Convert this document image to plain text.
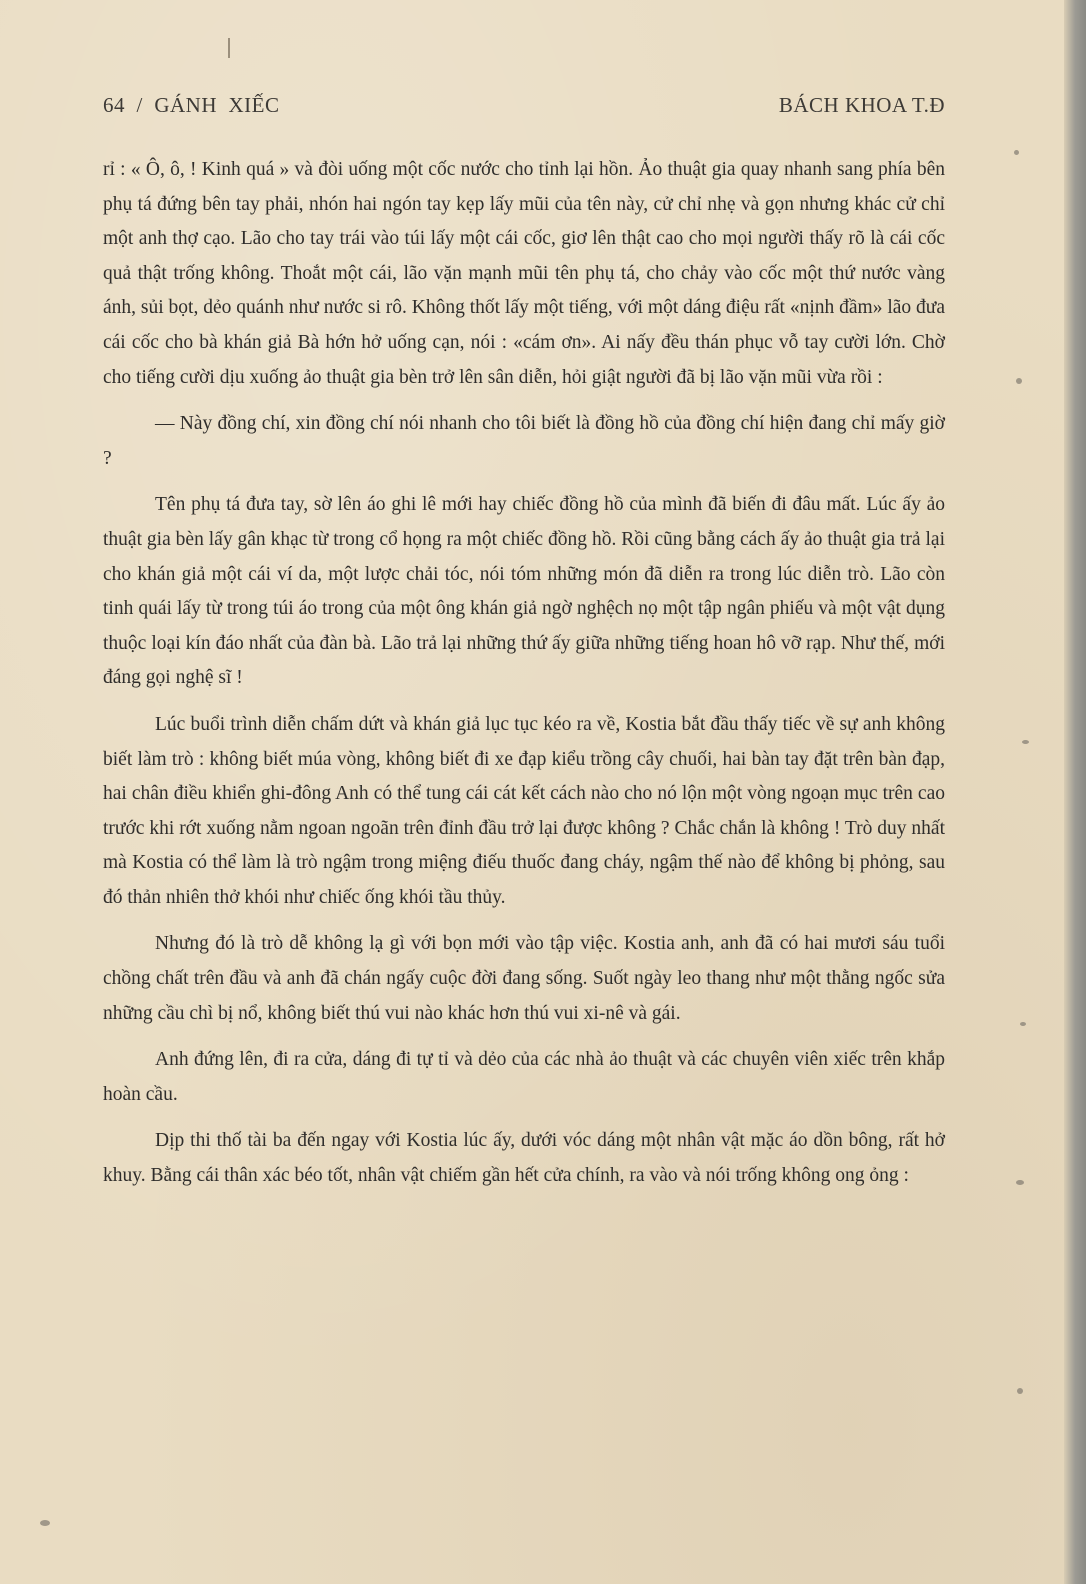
64  /  GÁNH  XIẾC	BÁCH KHOA T.Đ

rỉ : « Ô, ô, ! Kinh quá » và đòi uống một cốc nước cho tỉnh lại hồn. Ảo thuật gia quay nhanh sang phía bên phụ tá đứng bên tay phải, nhón hai ngón tay kẹp lấy mũi của tên này, cử chỉ nhẹ và gọn nhưng khác cử chỉ một anh thợ cạo. Lão cho tay trái vào túi lấy một cái cốc, giơ lên thật cao cho mọi người thấy rõ là cái cốc quả thật trống không. Thoắt một cái, lão vặn mạnh mũi tên phụ tá, cho chảy vào cốc một thứ nước vàng ánh, sủi bọt, dẻo quánh như nước si rô. Không thốt lấy một tiếng, với một dáng điệu rất «nịnh đầm» lão đưa cái cốc cho bà khán giả Bà hớn hở uống cạn, nói : «cám ơn». Ai nấy đều thán phục vỗ tay cười lớn. Chờ cho tiếng cười dịu xuống ảo thuật gia bèn trở lên sân diễn, hỏi giật người đã bị lão vặn mũi vừa rồi :

— Này đồng chí, xin đồng chí nói nhanh cho tôi biết là đồng hồ của đồng chí hiện đang chỉ mấy giờ ?

Tên phụ tá đưa tay, sờ lên áo ghi lê mới hay chiếc đồng hồ của mình đã biến đi đâu mất. Lúc ấy ảo thuật gia bèn lấy gân khạc từ trong cổ họng ra một chiếc đồng hồ. Rồi cũng bằng cách ấy ảo thuật gia trả lại cho khán giả một cái ví da, một lược chải tóc, nói tóm những món đã diễn ra trong lúc diễn trò. Lão còn tinh quái lấy từ trong túi áo trong của một ông khán giả ngờ nghệch nọ một tập ngân phiếu và một vật dụng thuộc loại kín đáo nhất của đàn bà. Lão trả lại những thứ ấy giữa những tiếng hoan hô vỡ rạp. Như thế, mới đáng gọi nghệ sĩ !

Lúc buổi trình diễn chấm dứt và khán giả lục tục kéo ra về, Kostia bắt đầu thấy tiếc về sự anh không biết làm trò : không biết múa vòng, không biết đi xe đạp kiểu trồng cây chuối, hai bàn tay đặt trên bàn đạp, hai chân điều khiển ghi-đông Anh có thể tung cái cát kết cách nào cho nó lộn một vòng ngoạn mục trên cao trước khi rớt xuống nằm ngoan ngoãn trên đỉnh đầu trở lại được không ? Chắc chắn là không ! Trò duy nhất mà Kostia có thể làm là trò ngậm trong miệng điếu thuốc đang cháy, ngậm thế nào để không bị phỏng, sau đó thản nhiên thở khói như chiếc ống khói tầu thủy.

Nhưng đó là trò dễ không lạ gì với bọn mới vào tập việc. Kostia anh, anh đã có hai mươi sáu tuổi chồng chất trên đầu và anh đã chán ngấy cuộc đời đang sống. Suốt ngày leo thang như một thằng ngốc sửa những cầu chì bị nổ, không biết thú vui nào khác hơn thú vui xi-nê và gái.

Anh đứng lên, đi ra cửa, dáng đi tự tỉ và dẻo của các nhà ảo thuật và các chuyên viên xiếc trên khắp hoàn cầu.

Dịp thi thố tài ba đến ngay với Kostia lúc ấy, dưới vóc dáng một nhân vật mặc áo dồn bông, rất hở khuy. Bằng cái thân xác béo tốt, nhân vật chiếm gần hết cửa chính, ra vào và nói trống không ong ỏng :
